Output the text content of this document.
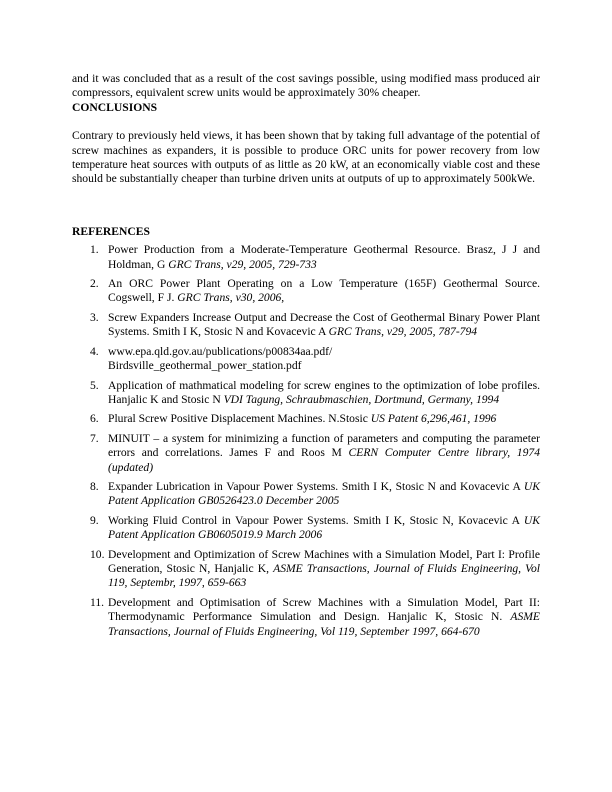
and it was concluded that as a result of the cost savings possible, using modified mass produced air compressors, equivalent screw units would be approximately 30% cheaper.

CONCLUSIONS

Contrary to previously held views, it has been shown that by taking full advantage of the potential of screw machines as expanders, it is possible to produce ORC units for power recovery from low temperature heat sources with outputs of as little as 20 kW, at an economically viable cost and these should be substantially cheaper than turbine driven units at outputs of up to approximately 500kWe.

REFERENCES

1. Power Production from a Moderate-Temperature Geothermal Resource. Brasz, J J and Holdman, G GRC Trans, v29, 2005, 729-733
2. An ORC Power Plant Operating on a Low Temperature (165F) Geothermal Source. Cogswell, F J. GRC Trans, v30, 2006,
3. Screw Expanders Increase Output and Decrease the Cost of Geothermal Binary Power Plant Systems. Smith I K, Stosic N and Kovacevic A GRC Trans, v29, 2005, 787-794
4. www.epa.qld.gov.au/publications/p00834aa.pdf/
Birdsville_geothermal_power_station.pdf
5. Application of mathmatical modeling for screw engines to the optimization of lobe profiles. Hanjalic K and Stosic N VDI Tagung, Schraubmaschien, Dortmund, Germany, 1994
6. Plural Screw Positive Displacement Machines. N.Stosic US Patent 6,296,461, 1996
7. MINUIT – a system for minimizing a function of parameters and computing the parameter errors and correlations. James F and Roos M CERN Computer Centre library, 1974 (updated)
8. Expander Lubrication in Vapour Power Systems. Smith I K, Stosic N and Kovacevic A UK Patent Application GB0526423.0 December 2005
9. Working Fluid Control in Vapour Power Systems. Smith I K, Stosic N, Kovacevic A UK Patent Application GB0605019.9 March 2006
10. Development and Optimization of Screw Machines with a Simulation Model, Part I: Profile Generation, Stosic N, Hanjalic K, ASME Transactions, Journal of Fluids Engineering, Vol 119, Septembr, 1997, 659-663
11. Development and Optimisation of Screw Machines with a Simulation Model, Part II: Thermodynamic Performance Simulation and Design. Hanjalic K, Stosic N. ASME Transactions, Journal of Fluids Engineering, Vol 119, September 1997, 664-670
